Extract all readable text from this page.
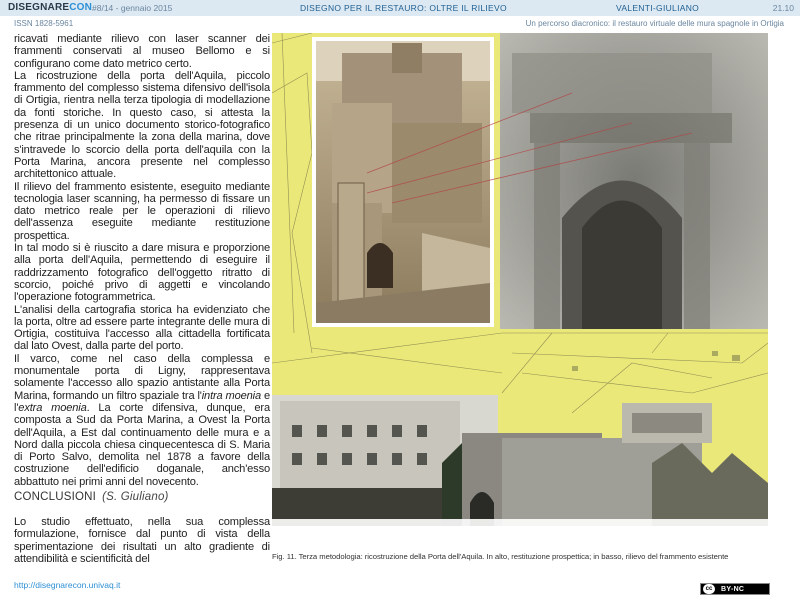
DISEGNARECON #8/14 - gennaio 2015	DISEGNO PER IL RESTAURO: OLTRE IL RILIEVO	VALENTI-GIULIANO	21.10
ISSN 1828-5961	Un percorso diacronico: il restauro virtuale delle mura spagnole in Ortigia

ricavati mediante rilievo con laser scanner dei frammenti conservati al museo Bellomo e si configurano come dato metrico certo.

La ricostruzione della porta dell'Aquila, piccolo frammento del complesso sistema difensivo dell'isola di Ortigia, rientra nella terza tipologia di modellazione da fonti storiche. In questo caso, si attesta la presenza di un unico documento storico-fotografico che ritrae principalmente la zona della marina, dove s'intravede lo scorcio della porta dell'aquila con la Porta Marina, ancora presente nel complesso architettonico attuale.

Il rilievo del frammento esistente, eseguito mediante tecnologia laser scanning, ha permesso di fissare un dato metrico reale per le operazioni di rilievo dell'assenza eseguite mediante restituzione prospettica.

In tal modo si è riuscito a dare misura e proporzione alla porta dell'Aquila, permettendo di eseguire il raddrizzamento fotografico dell'oggetto ritratto di scorcio, poiché privo di aggetti e vincolando l'operazione fotogrammetrica.

L'analisi della cartografia storica ha evidenziato che la porta, oltre ad essere parte integrante delle mura di Ortigia, costituiva l'accesso alla cittadella fortificata dal lato Ovest, dalla parte del porto.

Il varco, come nel caso della complessa e monumentale porta di Ligny, rappresentava solamente l'accesso allo spazio antistante alla Porta Marina, formando un filtro spaziale tra l'intra moenia e l'extra moenia. La corte difensiva, dunque, era composta a Sud da Porta Marina, a Ovest la Porta dell'Aquila, a Est dal continuamento delle mura e a Nord dalla piccola chiesa cinquecentesca di S. Maria di Porto Salvo, demolita nel 1878 a favore della costruzione dell'edificio doganale, anch'esso abbattuto nei primi anni del novecento.

CONCLUSIONI (S. Giuliano)

Lo studio effettuato, nella sua complessa formulazione, fornisce dal punto di vista della sperimentazione dei risultati un alto gradiente di attendibilità e scientificità del	Fig. 11. Terza metodologia: ricostruzione della Porta dell'Aquila. In alto, restituzione prospettica; in basso, rilievo del frammento esistente
http://disegnarecon.univaq.it	cc	BY-NC
